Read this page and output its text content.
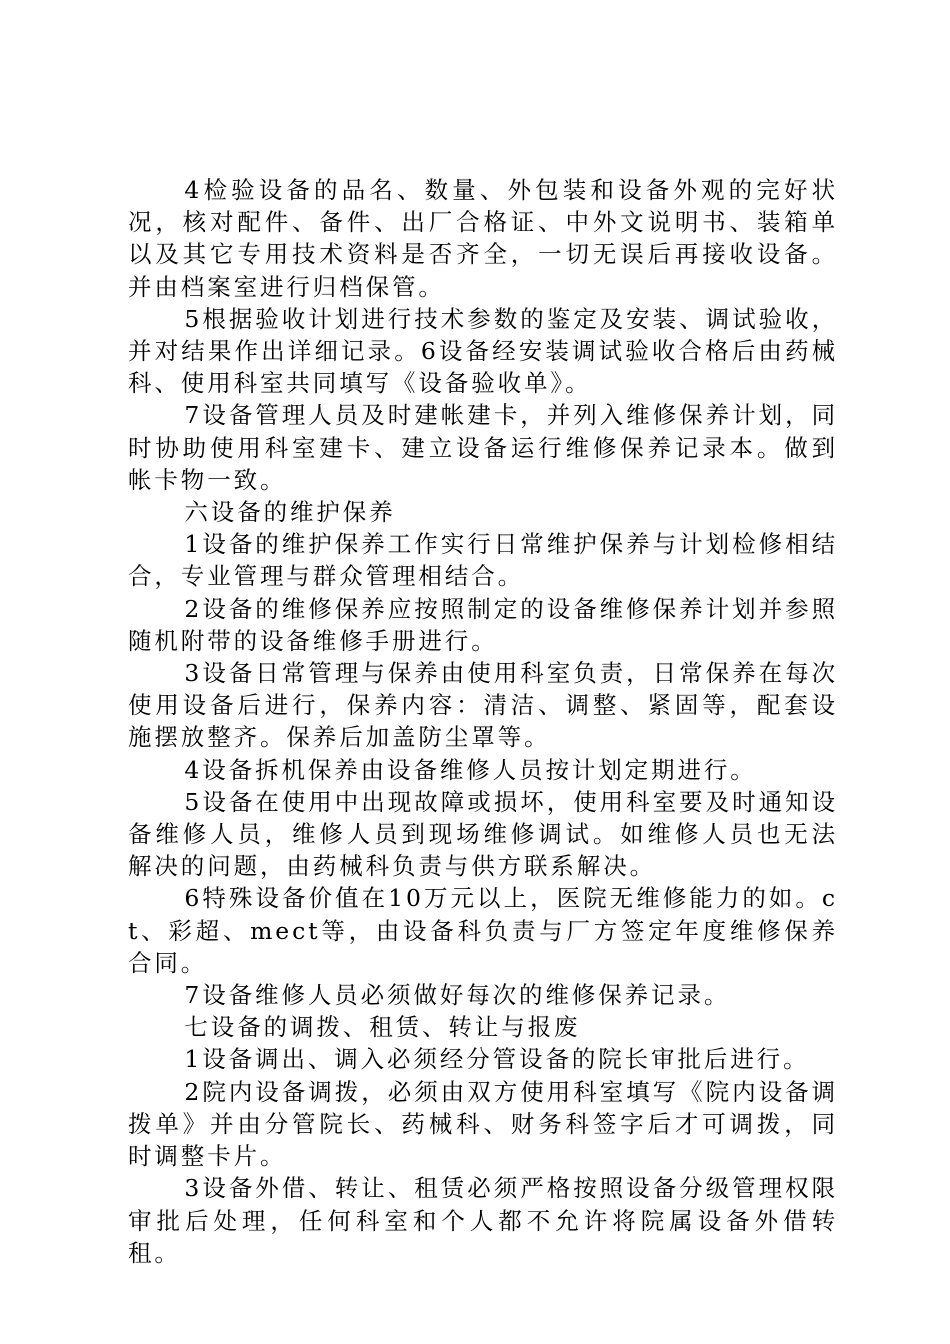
4检验设备的品名、数量、外包装和设备外观的完好状况，核对配件、备件、出厂合格证、中外文说明书、装箱单以及其它专用技术资料是否齐全，一切无误后再接收设备。并由档案室进行归档保管。

5根据验收计划进行技术参数的鉴定及安装、调试验收，并对结果作出详细记录。6设备经安装调试验收合格后由药械科、使用科室共同填写《设备验收单》。

7设备管理人员及时建帐建卡，并列入维修保养计划，同时协助使用科室建卡、建立设备运行维修保养记录本。做到帐卡物一致。

六设备的维护保养

1设备的维护保养工作实行日常维护保养与计划检修相结合，专业管理与群众管理相结合。

2设备的维修保养应按照制定的设备维修保养计划并参照随机附带的设备维修手册进行。

3设备日常管理与保养由使用科室负责，日常保养在每次使用设备后进行，保养内容：清洁、调整、紧固等，配套设施摆放整齐。保养后加盖防尘罩等。

4设备拆机保养由设备维修人员按计划定期进行。

5设备在使用中出现故障或损坏，使用科室要及时通知设备维修人员，维修人员到现场维修调试。如维修人员也无法解决的问题，由药械科负责与供方联系解决。

6特殊设备价值在10万元以上，医院无维修能力的如。ct、彩超、mect等，由设备科负责与厂方签定年度维修保养合同。

7设备维修人员必须做好每次的维修保养记录。

七设备的调拨、租赁、转让与报废

1设备调出、调入必须经分管设备的院长审批后进行。

2院内设备调拨，必须由双方使用科室填写《院内设备调拨单》并由分管院长、药械科、财务科签字后才可调拨，同时调整卡片。

3设备外借、转让、租赁必须严格按照设备分级管理权限审批后处理，任何科室和个人都不允许将院属设备外借转租。
